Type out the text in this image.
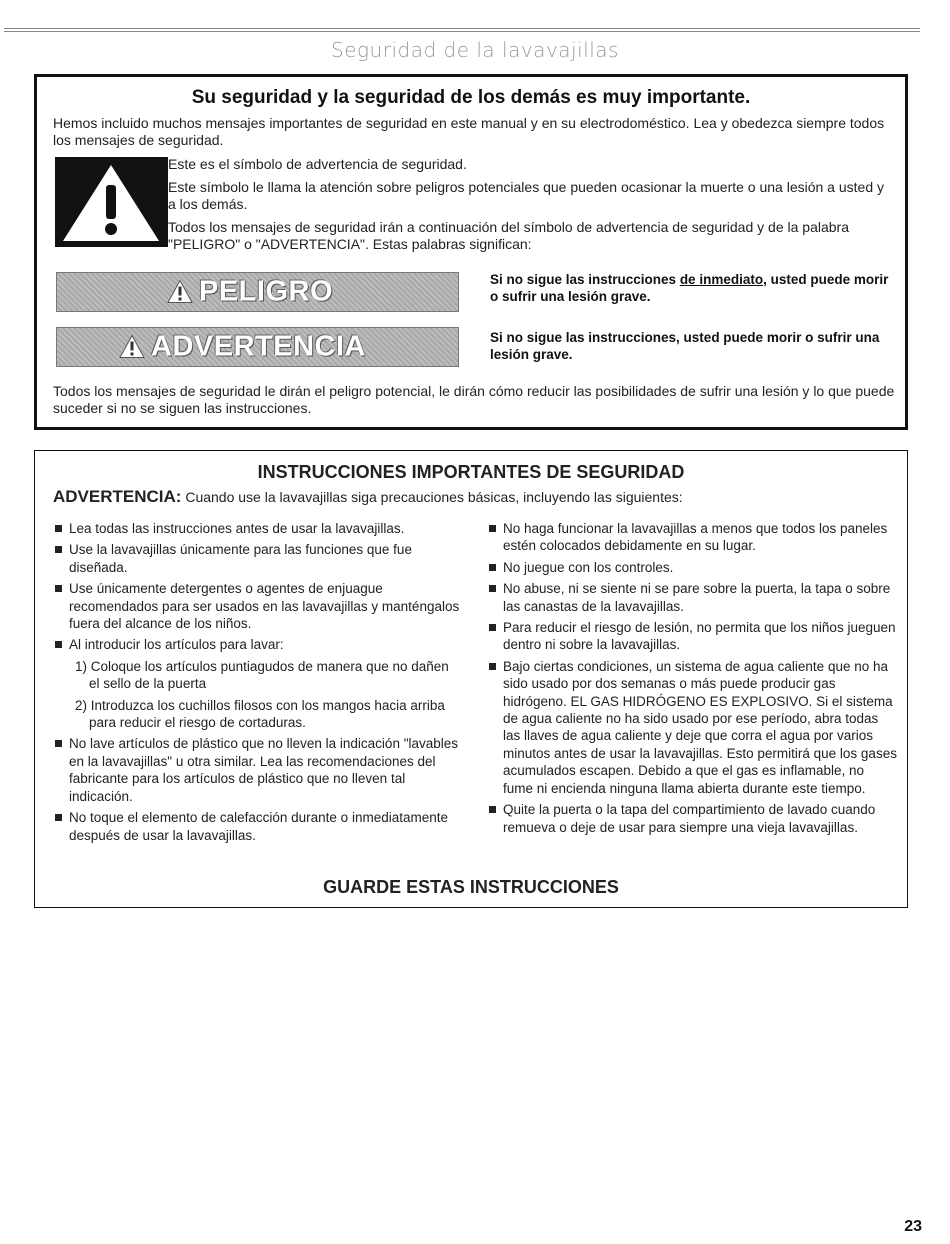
Seguridad de la lavavajillas
Su seguridad y la seguridad de los demás es muy importante.
Hemos incluido muchos mensajes importantes de seguridad en este manual y en su electrodoméstico. Lea y obedezca siempre todos los mensajes de seguridad.
Este es el símbolo de advertencia de seguridad.
Este símbolo le llama la atención sobre peligros potenciales que pueden ocasionar la muerte o una lesión a usted y a los demás.
Todos los mensajes de seguridad irán a continuación del símbolo de advertencia de seguridad y de la palabra "PELIGRO" o "ADVERTENCIA". Estas palabras significan:
PELIGRO	Si no sigue las instrucciones de inmediato, usted puede morir o sufrir una lesión grave.
ADVERTENCIA	Si no sigue las instrucciones, usted puede morir o sufrir una lesión grave.
Todos los mensajes de seguridad le dirán el peligro potencial, le dirán cómo reducir las posibilidades de sufrir una lesión y lo que puede suceder si no se siguen las instrucciones.
INSTRUCCIONES IMPORTANTES DE SEGURIDAD
ADVERTENCIA: Cuando use la lavavajillas siga precauciones básicas, incluyendo las siguientes:
Lea todas las instrucciones antes de usar la lavavajillas.
Use la lavavajillas únicamente para las funciones que fue diseñada.
Use únicamente detergentes o agentes de enjuague recomendados para ser usados en las lavavajillas y manténgalos fuera del alcance de los niños.
Al introducir los artículos para lavar:
1) Coloque los artículos puntiagudos de manera que no dañen el sello de la puerta
2) Introduzca los cuchillos filosos con los mangos hacia arriba para reducir el riesgo de cortaduras.
No lave artículos de plástico que no lleven la indicación "lavables en la lavavajillas" u otra similar. Lea las recomendaciones del fabricante para los artículos de plástico que no lleven tal indicación.
No toque el elemento de calefacción durante o inmediatamente después de usar la lavavajillas.
No haga funcionar la lavavajillas a menos que todos los paneles estén colocados debidamente en su lugar.
No juegue con los controles.
No abuse, ni se siente ni se pare sobre la puerta, la tapa o sobre las canastas de la lavavajillas.
Para reducir el riesgo de lesión, no permita que los niños jueguen dentro ni sobre la lavavajillas.
Bajo ciertas condiciones, un sistema de agua caliente que no ha sido usado por dos semanas o más puede producir gas hidrógeno. EL GAS HIDRÓGENO ES EXPLOSIVO. Si el sistema de agua caliente no ha sido usado por ese período, abra todas las llaves de agua caliente y deje que corra el agua por varios minutos antes de usar la lavavajillas. Esto permitirá que los gases acumulados escapen. Debido a que el gas es inflamable, no fume ni encienda ninguna llama abierta durante este tiempo.
Quite la puerta o la tapa del compartimiento de lavado cuando remueva o deje de usar para siempre una vieja lavavajillas.
GUARDE ESTAS INSTRUCCIONES
23
